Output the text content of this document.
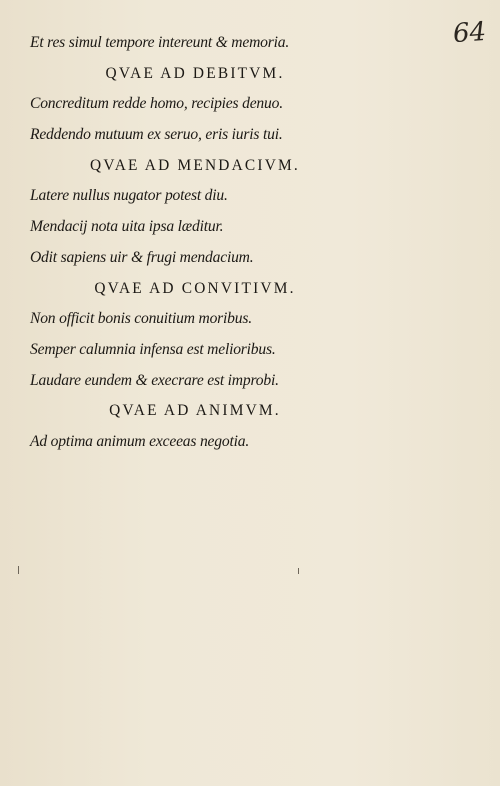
64
Et res simul tempore intereunt & memoria.
QVAE AD DEBITVM.
Concreditum redde homo, recipies denuo.
Reddendo mutuum ex seruo, eris iuris tui.
QVAE AD MENDACIVM.
Latere nullus nugator potest diu.
Mendacij nota uita ipsa læditur.
Odit sapiens uir & frugi mendacium.
QVAE AD CONVITIVM.
Non officit bonis conuitium moribus.
Semper calumnia infensa est melioribus.
Laudare eundem & execrare est improbi.
QVAE AD ANIMVM.
Ad optima animum exceeas negotia.
